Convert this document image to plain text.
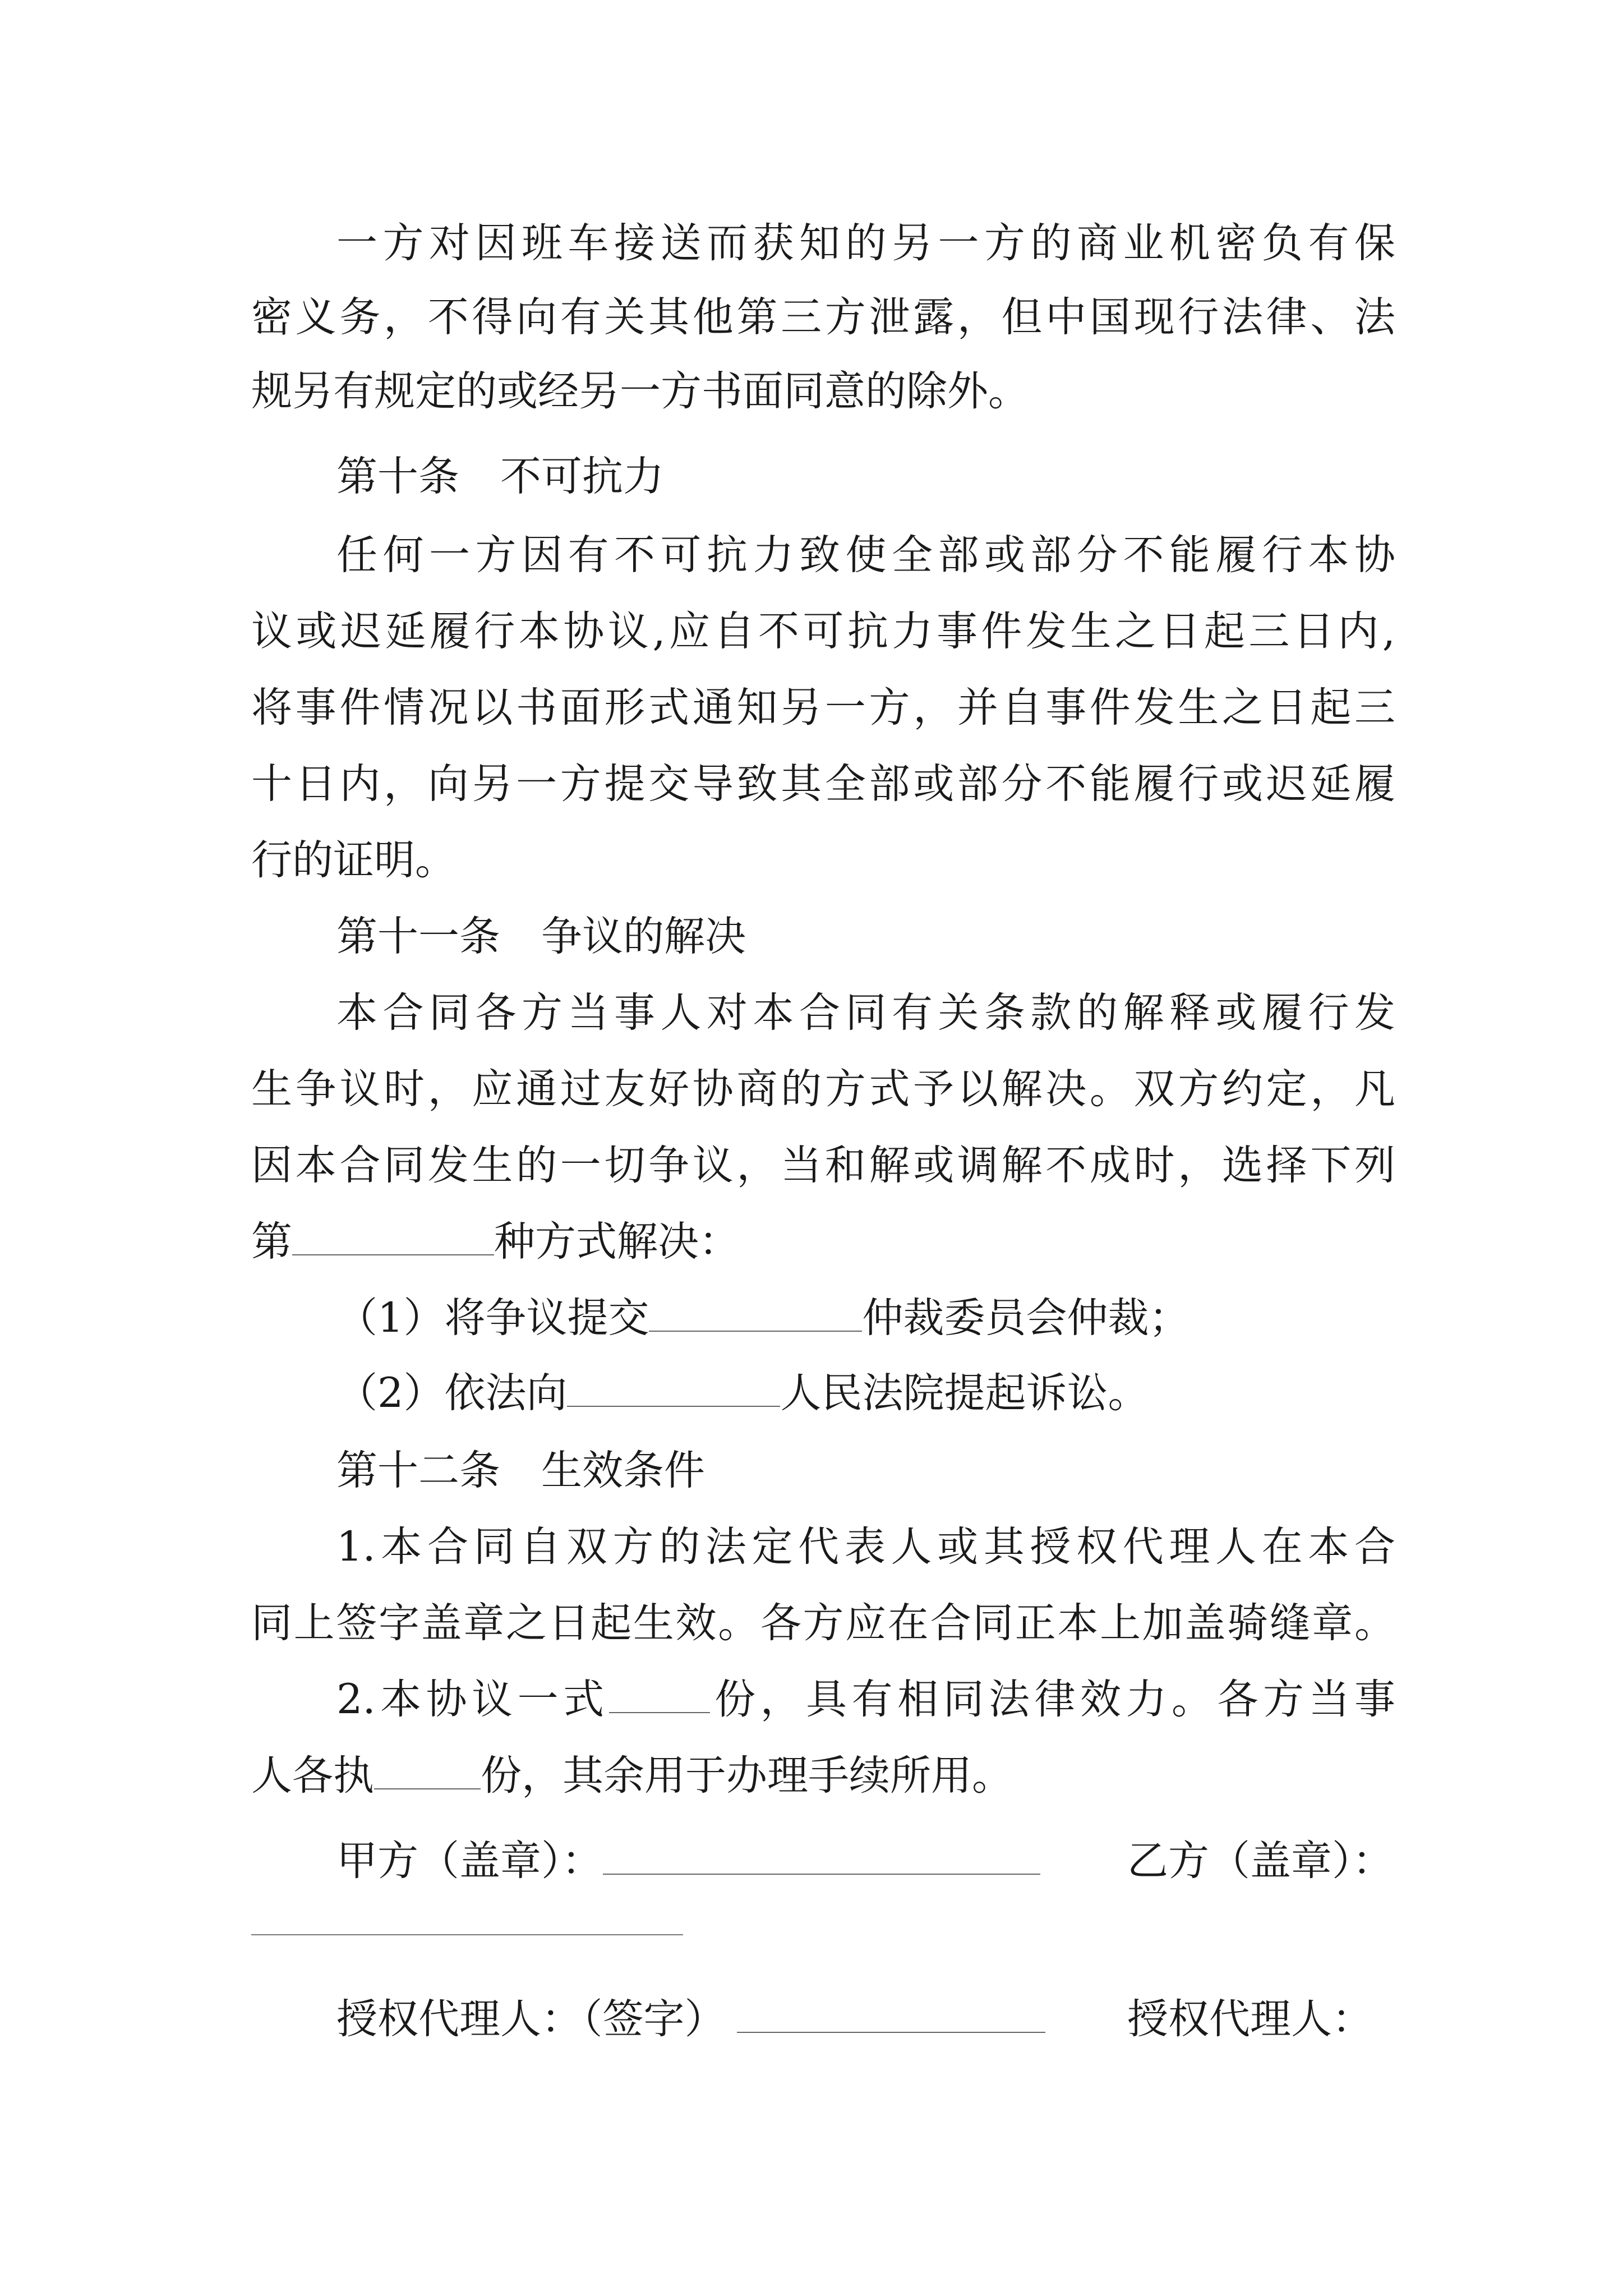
一方对因班车接送而获知的另一方的商业机密负有保
密义务，不得向有关其他第三方泄露，但中国现行法律、法
规另有规定的或经另一方书面同意的除外。
第十条　不可抗力
任何一方因有不可抗力致使全部或部分不能履行本协
议或迟延履行本协议,应自不可抗力事件发生之日起三日内,
将事件情况以书面形式通知另一方，并自事件发生之日起三
十日内，向另一方提交导致其全部或部分不能履行或迟延履
行的证明。
第十一条　争议的解决
本合同各方当事人对本合同有关条款的解释或履行发
生争议时，应通过友好协商的方式予以解决。双方约定，凡
因本合同发生的一切争议，当和解或调解不成时，选择下列
第	种方式解决：
（1）将争议提交	仲裁委员会仲裁；
（2）依法向	人民法院提起诉讼。
第十二条　生效条件
1.本合同自双方的法定代表人或其授权代理人在本合
同上签字盖章之日起生效。各方应在合同正本上加盖骑缝章。
2.本协议一式 份，具有相同法律效力。各方当事
人各执	份，其余用于办理手续所用。
甲方（盖章）：	乙方（盖章）：
授权代理人：（签字）	授权代理人：
